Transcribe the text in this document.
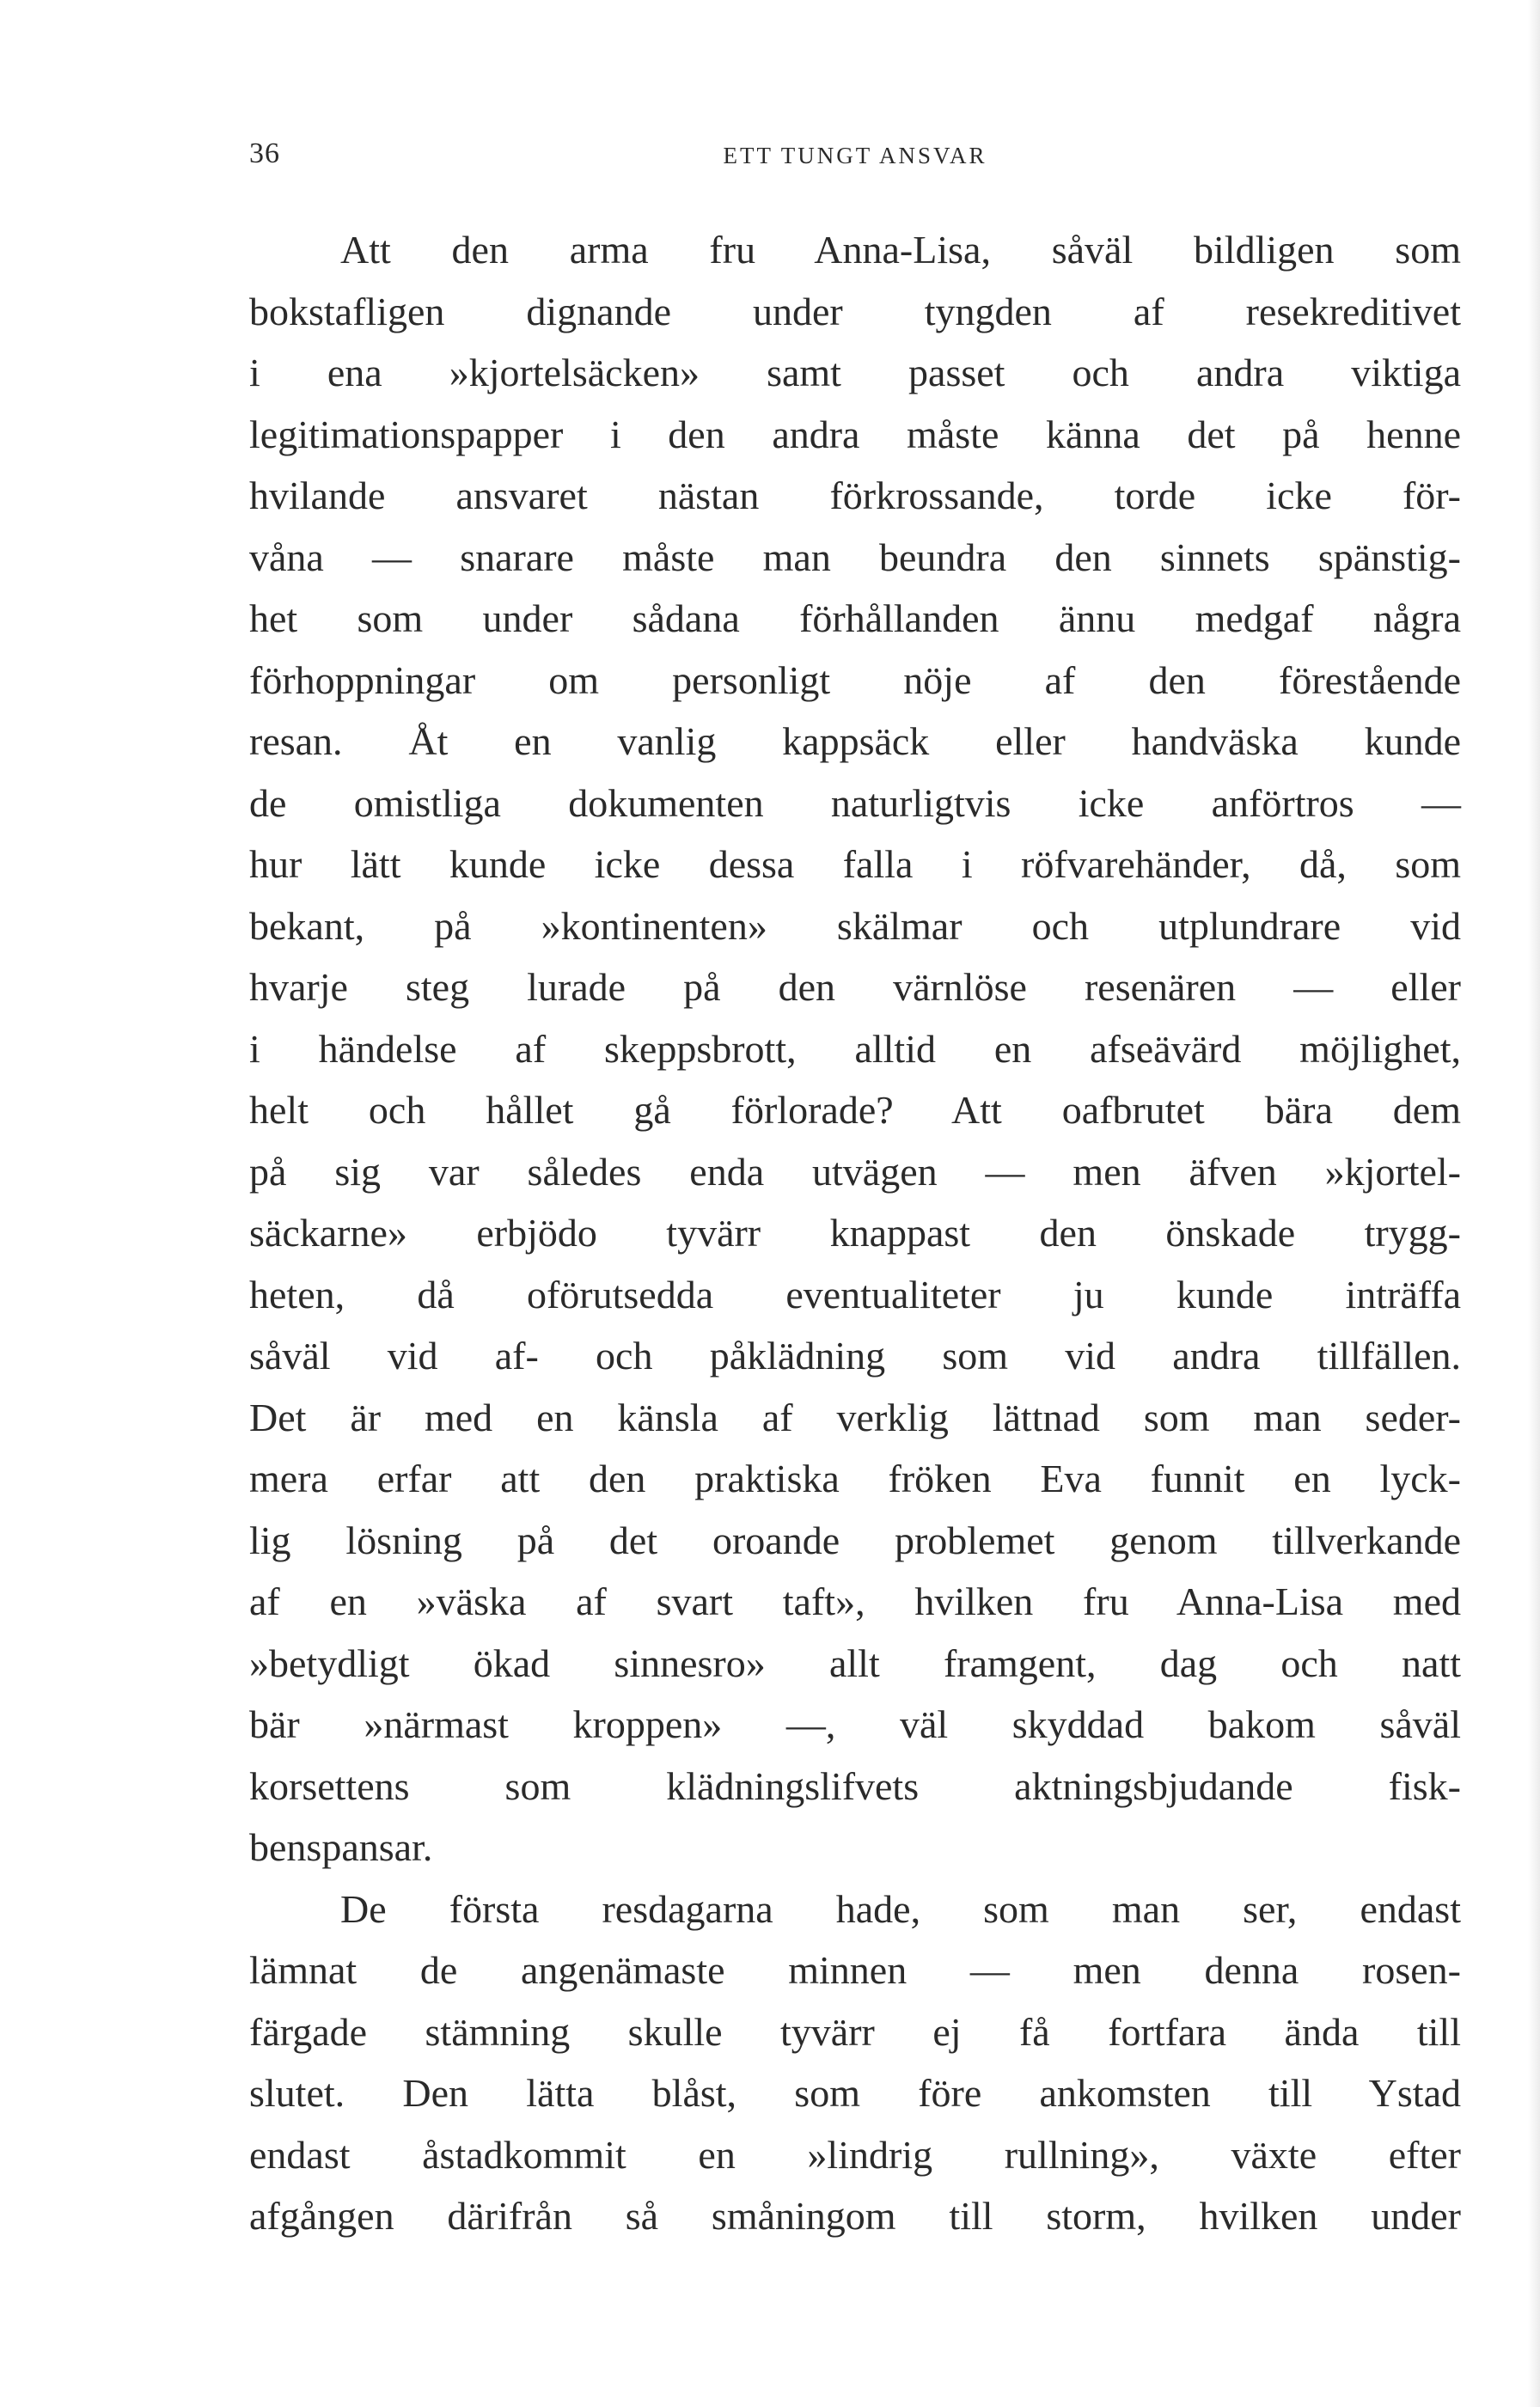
36	ETT TUNGT ANSVAR
Att den arma fru Anna-Lisa, såväl bildligen som
bokstafligen dignande under tyngden af resekreditivet
i ena »kjortelsäcken» samt passet och andra viktiga
legitimationspapper i den andra måste känna det på henne
hvilande ansvaret nästan förkrossande, torde icke för-
våna — snarare måste man beundra den sinnets spänstig-
het som under sådana förhållanden ännu medgaf några
förhoppningar om personligt nöje af den förestående
resan. Åt en vanlig kappsäck eller handväska kunde
de omistliga dokumenten naturligtvis icke anförtros —
hur lätt kunde icke dessa falla i röfvarehänder, då, som
bekant, på »kontinenten» skälmar och utplundrare vid
hvarje steg lurade på den värnlöse resenären — eller
i händelse af skeppsbrott, alltid en afseävärd möjlighet,
helt och hållet gå förlorade? Att oafbrutet bära dem
på sig var således enda utvägen — men äfven »kjortel-
säckarne» erbjödo tyvärr knappast den önskade trygg-
heten, då oförutsedda eventualiteter ju kunde inträffa
såväl vid af- och påklädning som vid andra tillfällen.
Det är med en känsla af verklig lättnad som man seder-
mera erfar att den praktiska fröken Eva funnit en lyck-
lig lösning på det oroande problemet genom tillverkande
af en »väska af svart taft», hvilken fru Anna-Lisa med
»betydligt ökad sinnesro» allt framgent, dag och natt
bär »närmast kroppen» —, väl skyddad bakom såväl
korsettens som klädningslifvets aktningsbjudande fisk-
benspansar.
De första resdagarna hade, som man ser, endast
lämnat de angenämaste minnen — men denna rosen-
färgade stämning skulle tyvärr ej få fortfara ända till
slutet. Den lätta blåst, som före ankomsten till Ystad
endast åstadkommit en »lindrig rullning», växte efter
afgången därifrån så småningom till storm, hvilken under
